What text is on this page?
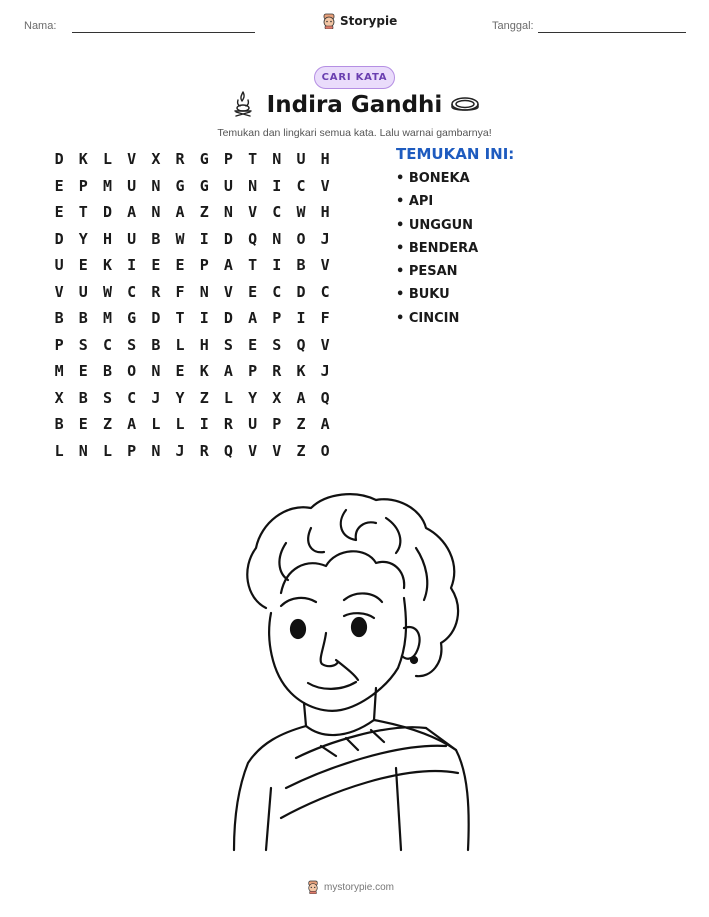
Nama:	Storypie	Tanggal:
CARI KATA
Indira Gandhi
Temukan dan lingkari semua kata. Lalu warnai gambarnya!
D	K	L	V	X	R	G	P	T	N	U	H
E	P	M	U	N	G	G	U	N	I	C	V
E	T	D	A	N	A	Z	N	V	C	W	H
D	Y	H	U	B	W	I	D	Q	N	O	J
U	E	K	I	E	E	P	A	T	I	B	V
V	U	W	C	R	F	N	V	E	C	D	C
B	B	M	G	D	T	I	D	A	P	I	F
P	S	C	S	B	L	H	S	E	S	Q	V
M	E	B	O	N	E	K	A	P	R	K	J
X	B	S	C	J	Y	Z	L	Y	X	A	Q
B	E	Z	A	L	L	I	R	U	P	Z	A
L	N	L	P	N	J	R	Q	V	V	Z	O
TEMUKAN INI:
• BONEKA
• API
• UNGGUN
• BENDERA
• PESAN
• BUKU
• CINCIN
mystorypie.com
